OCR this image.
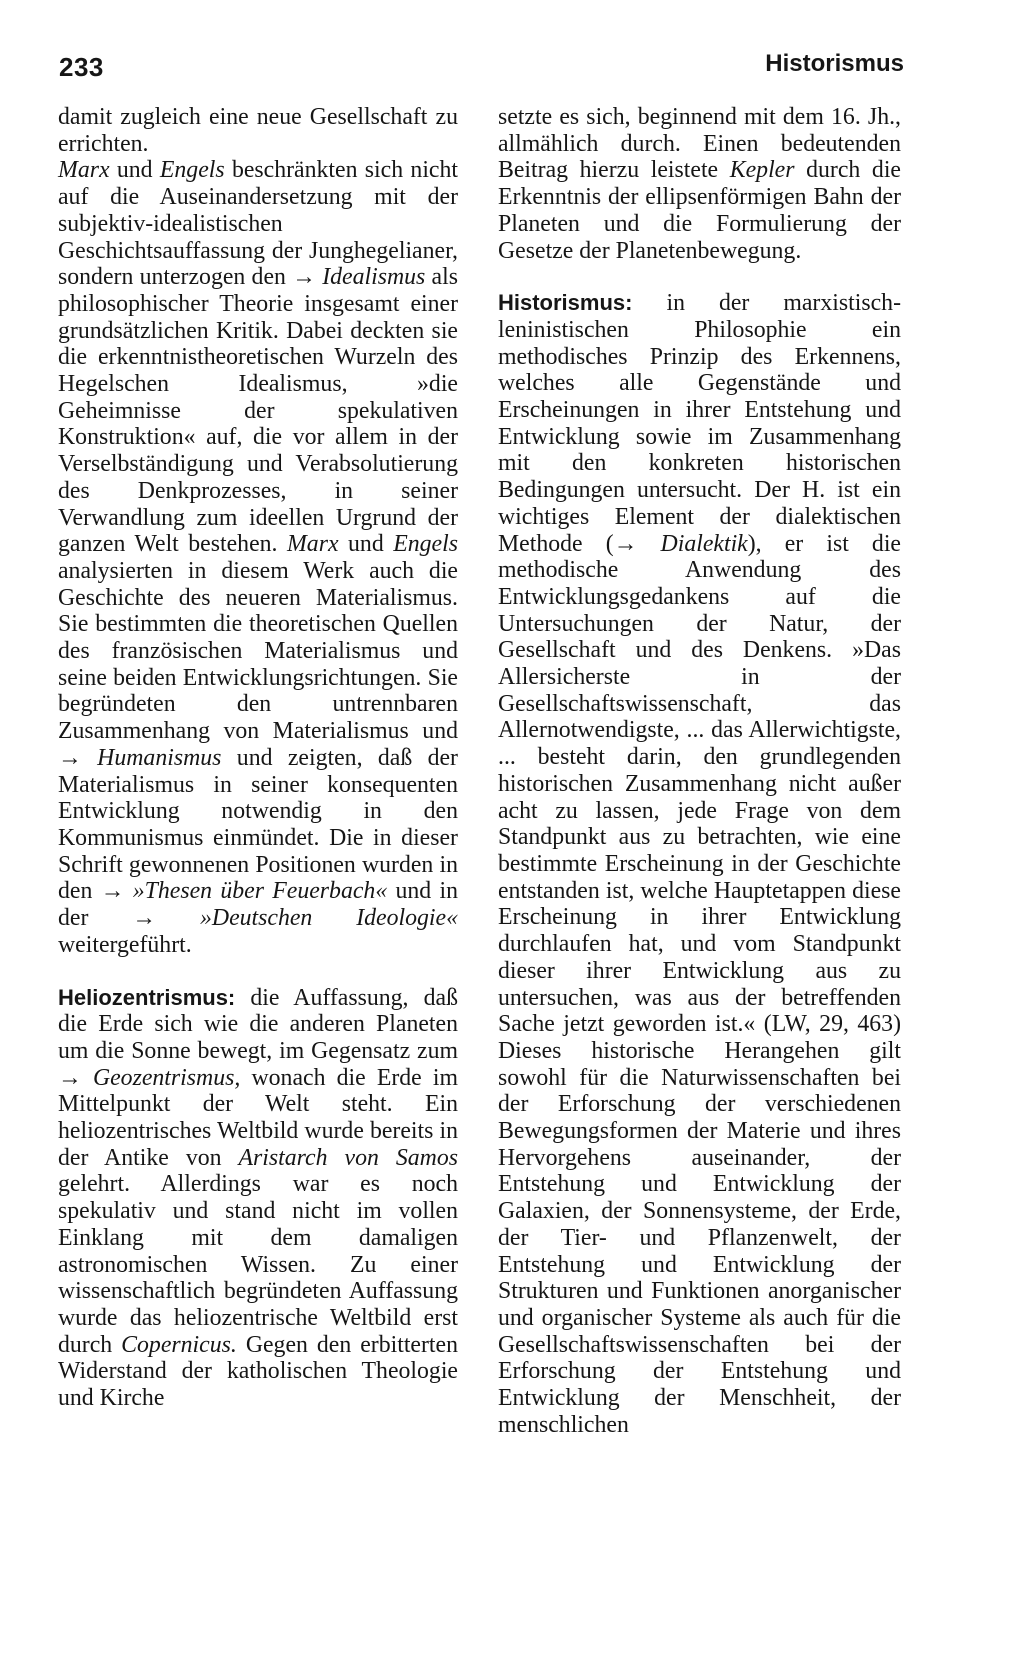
233	Historismus

damit zugleich eine neue Gesellschaft zu errichten.

Marx und Engels beschränkten sich nicht auf die Auseinandersetzung mit der subjektiv-idealistischen Geschichtsauffassung der Junghegelianer, sondern unterzogen den → Idealismus als philosophischer Theorie insgesamt einer grundsätzlichen Kritik. Dabei deckten sie die erkenntnistheoretischen Wurzeln des Hegelschen Idealismus, »die Geheimnisse der spekulativen Konstruktion« auf, die vor allem in der Verselbständigung und Verabsolutierung des Denkprozesses, in seiner Verwandlung zum ideellen Urgrund der ganzen Welt bestehen. Marx und Engels analysierten in diesem Werk auch die Geschichte des neueren Materialismus. Sie bestimmten die theoretischen Quellen des französischen Materialismus und seine beiden Entwicklungsrichtungen. Sie begründeten den untrennbaren Zusammenhang von Materialismus und → Humanismus und zeigten, daß der Materialismus in seiner konsequenten Entwicklung notwendig in den Kommunismus einmündet. Die in dieser Schrift gewonnenen Positionen wurden in den → »Thesen über Feuerbach« und in der → »Deutschen Ideologie« weitergeführt.

Heliozentrismus: die Auffassung, daß die Erde sich wie die anderen Planeten um die Sonne bewegt, im Gegensatz zum → Geozentrismus, wonach die Erde im Mittelpunkt der Welt steht. Ein heliozentrisches Weltbild wurde bereits in der Antike von Aristarch von Samos gelehrt. Allerdings war es noch spekulativ und stand nicht im vollen Einklang mit dem damaligen astronomischen Wissen. Zu einer wissenschaftlich begründeten Auffassung wurde das heliozentrische Weltbild erst durch Copernicus. Gegen den erbitterten Widerstand der katholischen Theologie und Kirche

setzte es sich, beginnend mit dem 16. Jh., allmählich durch. Einen bedeutenden Beitrag hierzu leistete Kepler durch die Erkenntnis der ellipsenförmigen Bahn der Planeten und die Formulierung der Gesetze der Planetenbewegung.

Historismus: in der marxistisch-leninistischen Philosophie ein methodisches Prinzip des Erkennens, welches alle Gegenstände und Erscheinungen in ihrer Entstehung und Entwicklung sowie im Zusammenhang mit den konkreten historischen Bedingungen untersucht. Der H. ist ein wichtiges Element der dialektischen Methode (→ Dialektik), er ist die methodische Anwendung des Entwicklungsgedankens auf die Untersuchungen der Natur, der Gesellschaft und des Denkens. »Das Allersicherste in der Gesellschaftswissenschaft, das Allernotwendigste, ... das Allerwichtigste, ... besteht darin, den grundlegenden historischen Zusammenhang nicht außer acht zu lassen, jede Frage von dem Standpunkt aus zu betrachten, wie eine bestimmte Erscheinung in der Geschichte entstanden ist, welche Hauptetappen diese Erscheinung in ihrer Entwicklung durchlaufen hat, und vom Standpunkt dieser ihrer Entwicklung aus zu untersuchen, was aus der betreffenden Sache jetzt geworden ist.« (LW, 29, 463) Dieses historische Herangehen gilt sowohl für die Naturwissenschaften bei der Erforschung der verschiedenen Bewegungsformen der Materie und ihres Hervorgehens auseinander, der Entstehung und Entwicklung der Galaxien, der Sonnensysteme, der Erde, der Tier- und Pflanzenwelt, der Entstehung und Entwicklung der Strukturen und Funktionen anorganischer und organischer Systeme als auch für die Gesellschaftswissenschaften bei der Erforschung der Entstehung und Entwicklung der Menschheit, der menschlichen
